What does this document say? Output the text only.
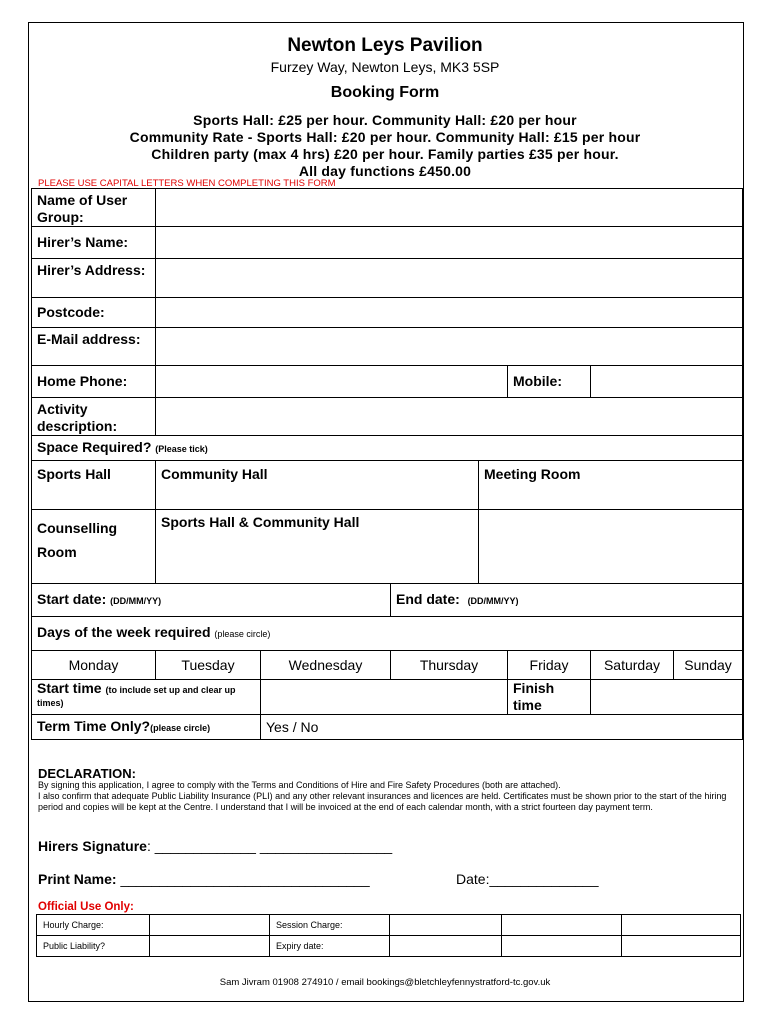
Newton Leys Pavilion
Furzey Way, Newton Leys, MK3 5SP
Booking Form
Sports Hall: £25 per hour. Community Hall: £20 per hour
Community Rate - Sports Hall: £20 per hour. Community Hall: £15 per hour
Children party (max 4 hrs) £20 per hour. Family parties £35 per hour.
All day functions £450.00
PLEASE USE CAPITAL LETTERS WHEN COMPLETING THIS FORM
Name of User Group:							
Hirer’s Name:							
Hirer’s Address:							
Postcode:							
E-Mail address:							
Home Phone:					Mobile:		
Activity description:							
Space Required? (Please tick)							
Sports Hall	Community Hall			Meeting Room			
Counselling
Room	Sports Hall & Community Hall						
Start date: (DD/MM/YY)			End date: (DD/MM/YY)				
Days of the week required (please circle)							
Monday	Tuesday	Wednesday	Thursday		Friday	Saturday	Sunday
Start time (to include set up and clear up times)					Finish time		
Term Time Only?(please circle)		Yes / No					
DECLARATION:
By signing this application, I agree to comply with the Terms and Conditions of Hire and Fire Safety Procedures (both are attached).
I also confirm that adequate Public Liability Insurance (PLI) and any other relevant insurances and licences are held. Certificates must be shown prior to the start of the hiring period and copies will be kept at the Centre. I understand that I will be invoiced at the end of each calendar month, with a strict fourteen day payment term.
Hirers Signature: _____________ _________________
Print Name: ________________________________	Date:______________
Official Use Only:
Hourly Charge:		Session Charge:			
Public Liability?		Expiry date:			
Sam Jivram 01908 274910 / email bookings@bletchleyfennystratford-tc.gov.uk
